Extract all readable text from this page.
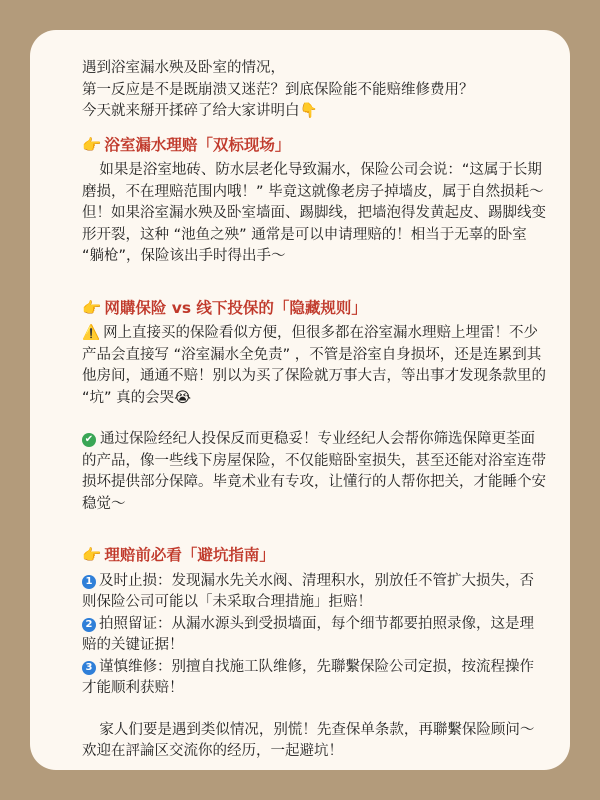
遇到浴室漏水殃及卧室的情况，
第一反应是不是既崩溃又迷茫？到底保险能不能赔维修费用？
今天就来掰开揉碎了给大家讲明白👇
👉 浴室漏水理赔「双标现场」

如果是浴室地砖、防水层老化导致漏水，保险公司会说：“这属于长期磨损，不在理赔范围内哦！” 毕竟这就像老房子掉墙皮，属于自然损耗～但！如果浴室漏水殃及卧室墙面、踢脚线，把墙泡得发黄起皮、踢脚线变形开裂，这种 “池鱼之殃” 通常是可以申请理赔的！相当于无辜的卧室 “躺枪”，保险该出手时得出手～

👉 网購保险 vs 线下投保的「隐藏规则」

⚠️ 网上直接买的保险看似方便，但很多都在浴室漏水理赔上埋雷！不少产品会直接写 “浴室漏水全免责” ，不管是浴室自身损坏，还是连累到其他房间，通通不赔！别以为买了保险就万事大吉，等出事才发现条款里的 “坑” 真的会哭😭

✔ 通过保险经纪人投保反而更稳妥！专业经纪人会帮你筛选保障更荃面的产品，像一些线下房屋保险，不仅能赔卧室损失，甚至还能对浴室连带损坏提供部分保障。毕竟术业有专攻，让懂行的人帮你把关，才能睡个安稳觉～

👉 理赔前必看「避坑指南」

1 及时止损：发现漏水先关水阀、清理积水，别放任不管扩大损失，否则保险公司可能以「未采取合理措施」拒赔！

2 拍照留证：从漏水源头到受损墙面，每个细节都要拍照录像，这是理赔的关键证据！

3 谨慎维修：别擅自找施工队维修，先聯繫保险公司定损，按流程操作才能顺利获赔！

家人们要是遇到类似情况，别慌！先查保单条款，再聯繫保险顾问～欢迎在評論区交流你的经历，一起避坑！
